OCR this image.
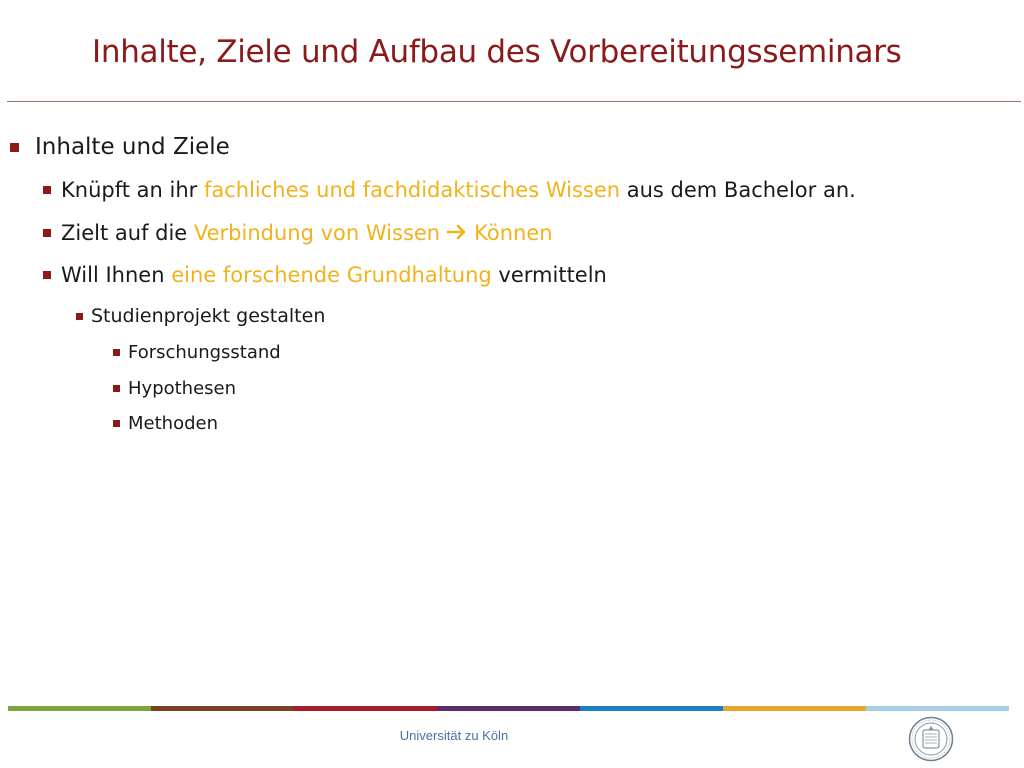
Inhalte, Ziele und Aufbau des Vorbereitungsseminars
Inhalte und Ziele
Knüpft an ihr fachliches und fachdidaktisches Wissen aus dem Bachelor an.
Zielt auf die Verbindung von Wissen Können
Will Ihnen eine forschende Grundhaltung vermitteln
Studienprojekt gestalten
Forschungsstand
Hypothesen
Methoden
Universität zu Köln
